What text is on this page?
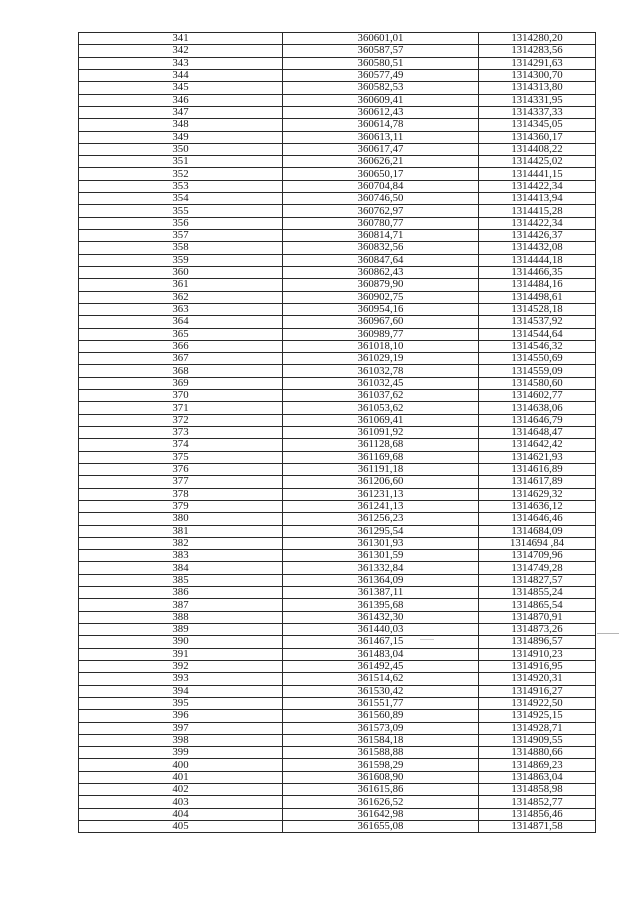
341	360601,01	1314280,20
342	360587,57	1314283,56
343	360580,51	1314291,63
344	360577,49	1314300,70
345	360582,53	1314313,80
346	360609,41	1314331,95
347	360612,43	1314337,33
348	360614,78	1314345,05
349	360613,11	1314360,17
350	360617,47	1314408,22
351	360626,21	1314425,02
352	360650,17	1314441,15
353	360704,84	1314422,34
354	360746,50	1314413,94
355	360762,97	1314415,28
356	360780,77	1314422,34
357	360814,71	1314426,37
358	360832,56	1314432,08
359	360847,64	1314444,18
360	360862,43	1314466,35
361	360879,90	1314484,16
362	360902,75	1314498,61
363	360954,16	1314528,18
364	360967,60	1314537,92
365	360989,77	1314544,64
366	361018,10	1314546,32
367	361029,19	1314550,69
368	361032,78	1314559,09
369	361032,45	1314580,60
370	361037,62	1314602,77
371	361053,62	1314638,06
372	361069,41	1314646,79
373	361091,92	1314648,47
374	361128,68	1314642,42
375	361169,68	1314621,93
376	361191,18	1314616,89
377	361206,60	1314617,89
378	361231,13	1314629,32
379	361241,13	1314636,12
380	361256,23	1314646,46
381	361295,54	1314684,09
382	361301,93	1314694 ,84
383	361301,59	1314709,96
384	361332,84	1314749,28
385	361364,09	1314827,57
386	361387,11	1314855,24
387	361395,68	1314865,54
388	361432,30	1314870,91
389	361440,03	1314873,26
390	361467,15	1314896,57
391	361483,04	1314910,23
392	361492,45	1314916,95
393	361514,62	1314920,31
394	361530,42	1314916,27
395	361551,77	1314922,50
396	361560,89	1314925,15
397	361573,09	1314928,71
398	361584,18	1314909,55
399	361588,88	1314880,66
400	361598,29	1314869,23
401	361608,90	1314863,04
402	361615,86	1314858,98
403	361626,52	1314852,77
404	361642,98	1314856,46
405	361655,08	1314871,58
